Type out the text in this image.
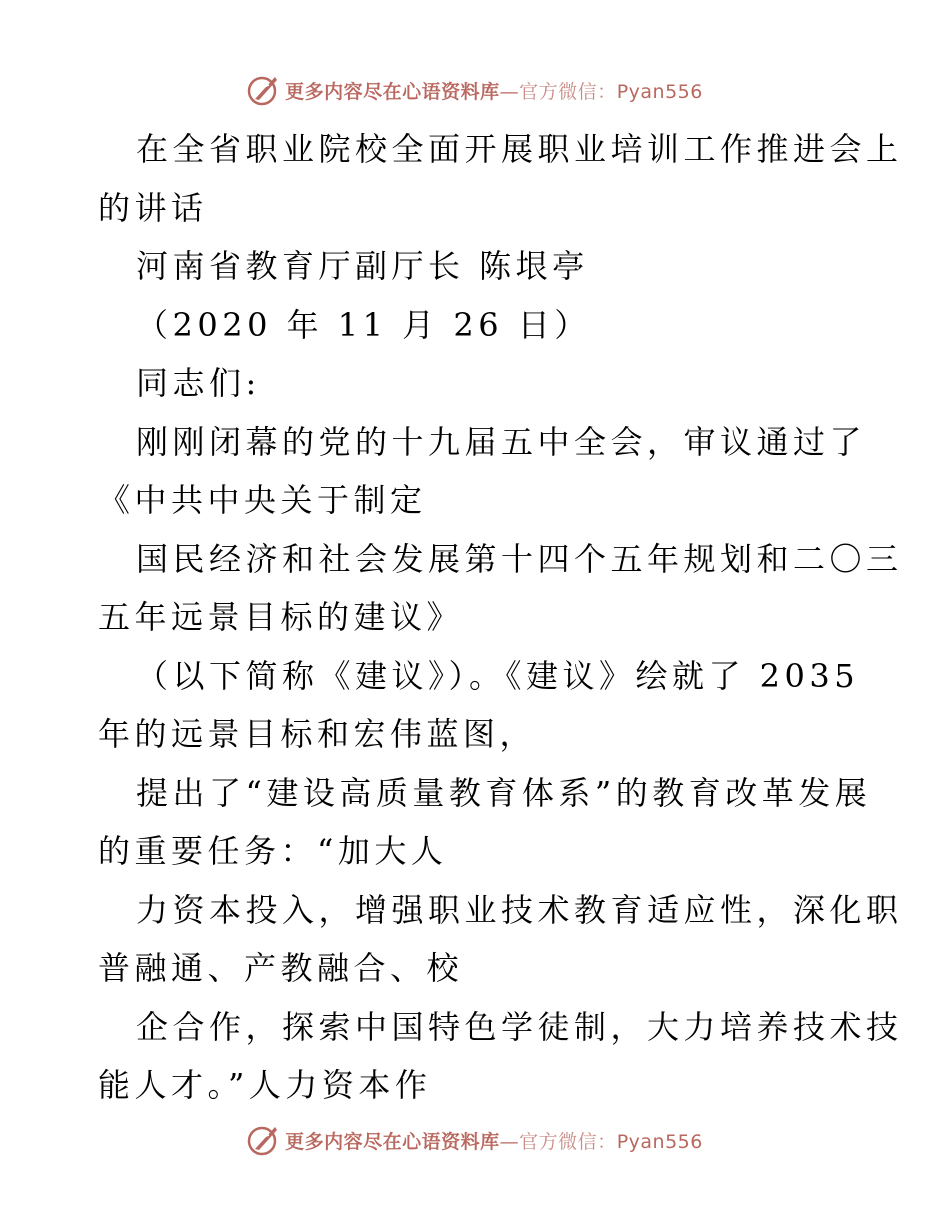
更多内容尽在心语资料库—官方微信：Pyan556
在全省职业院校全面开展职业培训工作推进会上
的讲话
河南省教育厅副厅长 陈垠亭
（2020 年 11 月 26 日）
同志们:
刚刚闭幕的党的十九届五中全会，审议通过了
《中共中央关于制定
国民经济和社会发展第十四个五年规划和二〇三
五年远景目标的建议》
（以下简称《建议》）。《建议》绘就了 2035
年的远景目标和宏伟蓝图，
提出了“建设高质量教育体系”的教育改革发展
的重要任务：“加大人
力资本投入，增强职业技术教育适应性，深化职
普融通、产教融合、校
企合作，探索中国特色学徒制，大力培养技术技
能人才。”人力资本作
更多内容尽在心语资料库—官方微信：Pyan556
